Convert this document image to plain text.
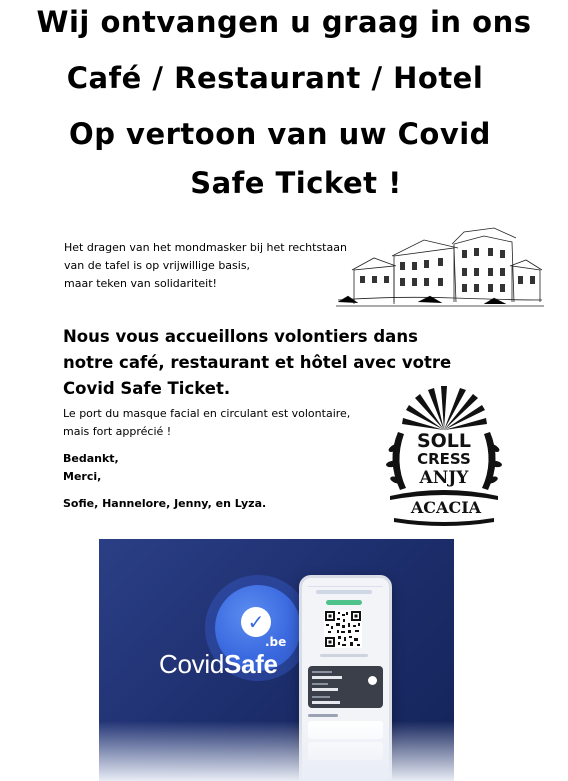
Wij ontvangen u graag in ons
Café / Restaurant / Hotel
Op vertoon van uw Covid
Safe Ticket !
Het dragen van het mondmasker bij het rechtstaan
van de tafel is op vrijwillige basis,
maar teken van solidariteit!
Nous vous accueillons volontiers dans
notre café, restaurant et hôtel avec votre
Covid Safe Ticket.
Le port du masque facial en circulant est volontaire,
mais fort apprécié !
Bedankt,
Merci,
Sofie, Hannelore, Jenny, en Lyza.
SOLL
CRESS
ANJY
ACACIA
✓
.be
CovidSafe
